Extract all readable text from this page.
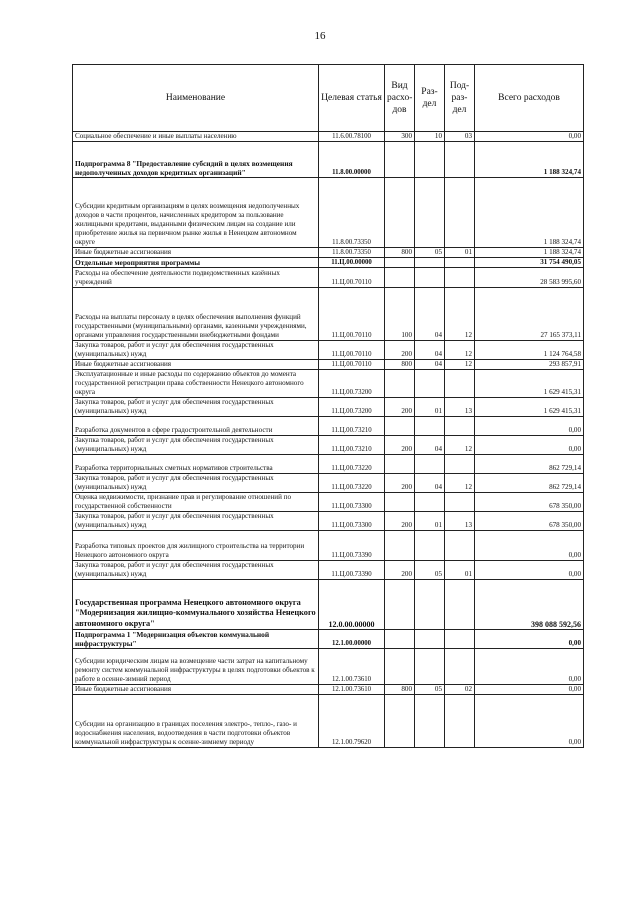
16
Наименование	Целевая статья	Вид расхо-дов	Раз-дел	Под-раз-дел	Всего расходов
Социальное обеспечение и иные выплаты населению	11.6.00.78100	300	10	03	0,00
Подпрограмма 8 "Предоставление субсидий в целях возмещения недополученных доходов кредитных организаций"	11.8.00.00000				1 188 324,74
Субсидии кредитным организациям в целях возмещения недополученных доходов в части процентов, начисленных кредитором за пользование жилищными кредитами, выданными физическим лицам на создание или приобретение жилья на первичном рынке жилья в Ненецком автономном округе	11.8.00.73350				1 188 324,74
Иные бюджетные ассигнования	11.8.00.73350	800	05	01	1 188 324,74
Отдельные мероприятия программы	11.Ц.00.00000				31 754 490,05
Расходы на обеспечение деятельности подведомственных казённых учреждений	11.Ц.00.70110				28 583 995,60
Расходы на выплаты персоналу в целях обеспечения выполнения функций государственными (муниципальными) органами, казенными учреждениями, органами управления государственными внебюджетными фондами	11.Ц.00.70110	100	04	12	27 165 373,11
Закупка товаров, работ и услуг для обеспечения государственных (муниципальных) нужд	11.Ц.00.70110	200	04	12	1 124 764,58
Иные бюджетные ассигнования	11.Ц.00.70110	800	04	12	293 857,91
Эксплуатационные и иные расходы по содержанию объектов до момента государственной регистрации права собственности Ненецкого автономного округа	11.Ц.00.73200				1 629 415,31
Закупка товаров, работ и услуг для обеспечения государственных (муниципальных) нужд	11.Ц.00.73200	200	01	13	1 629 415,31
Разработка документов в сфере градостроительной деятельности	11.Ц.00.73210				0,00
Закупка товаров, работ и услуг для обеспечения государственных (муниципальных) нужд	11.Ц.00.73210	200	04	12	0,00
Разработка территориальных сметных нормативов строительства	11.Ц.00.73220				862 729,14
Закупка товаров, работ и услуг для обеспечения государственных (муниципальных) нужд	11.Ц.00.73220	200	04	12	862 729,14
Оценка недвижимости, признание прав и регулирование отношений по государственной собственности	11.Ц.00.73300				678 350,00
Закупка товаров, работ и услуг для обеспечения государственных (муниципальных) нужд	11.Ц.00.73300	200	01	13	678 350,00
Разработка типовых проектов для жилищного строительства на территории Ненецкого автономного округа	11.Ц.00.73390				0,00
Закупка товаров, работ и услуг для обеспечения государственных (муниципальных) нужд	11.Ц.00.73390	200	05	01	0,00
Государственная программа Ненецкого автономного округа "Модернизация жилищно-коммунального хозяйства Ненецкого автономного округа"	12.0.00.00000				398 088 592,56
Подпрограмма 1 "Модернизация объектов коммунальной инфраструктуры"	12.1.00.00000				0,00
Субсидии юридическим лицам на возмещение части затрат на капитальному ремонту систем коммунальной инфраструктуры в целях подготовки объектов к работе в осенне-зимний период	12.1.00.73610				0,00
Иные бюджетные ассигнования	12.1.00.73610	800	05	02	0,00
Субсидии на организацию в границах поселения электро-, тепло-, газо- и водоснабжения населения, водоотведения в части подготовки объектов коммунальной инфраструктуры к осенне-зимнему периоду	12.1.00.79620				0,00
